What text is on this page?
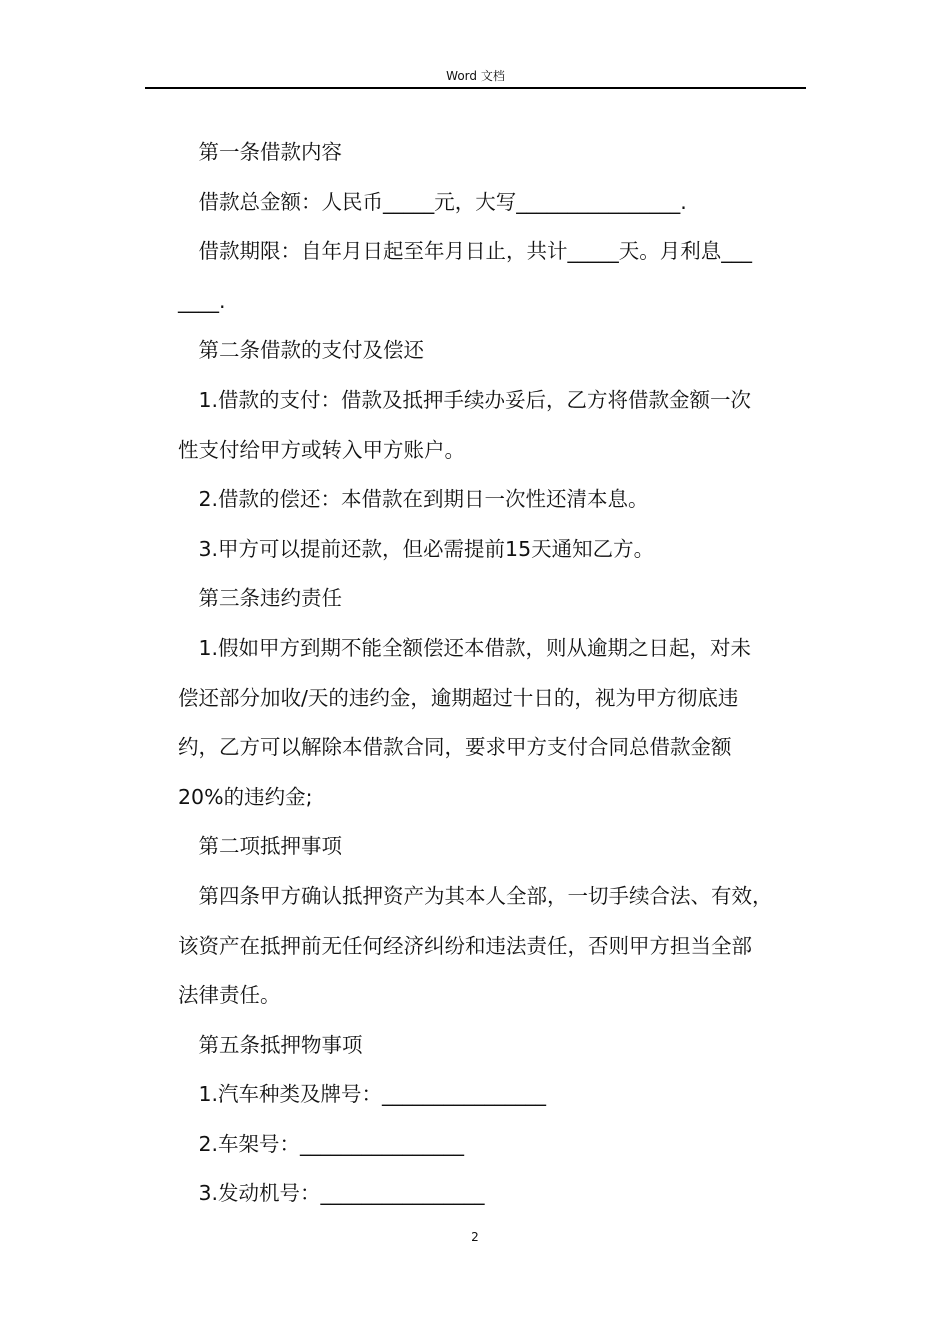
Word 文档
　第一条借款内容
　借款总金额：人民币_____元，大写________________.
　借款期限：自年月日起至年月日止，共计_____天。月利息___
____.
　第二条借款的支付及偿还
　1.借款的支付：借款及抵押手续办妥后，乙方将借款金额一次
性支付给甲方或转入甲方账户。
　2.借款的偿还：本借款在到期日一次性还清本息。
　3.甲方可以提前还款，但必需提前15天通知乙方。
　第三条违约责任
　1.假如甲方到期不能全额偿还本借款，则从逾期之日起，对未
偿还部分加收/天的违约金，逾期超过十日的，视为甲方彻底违
约，乙方可以解除本借款合同，要求甲方支付合同总借款金额
20%的违约金;
　第二项抵押事项
　第四条甲方确认抵押资产为其本人全部，一切手续合法、有效，
该资产在抵押前无任何经济纠纷和违法责任，否则甲方担当全部
法律责任。
　第五条抵押物事项
　1.汽车种类及牌号：________________
　2.车架号：________________
　3.发动机号：________________
2
